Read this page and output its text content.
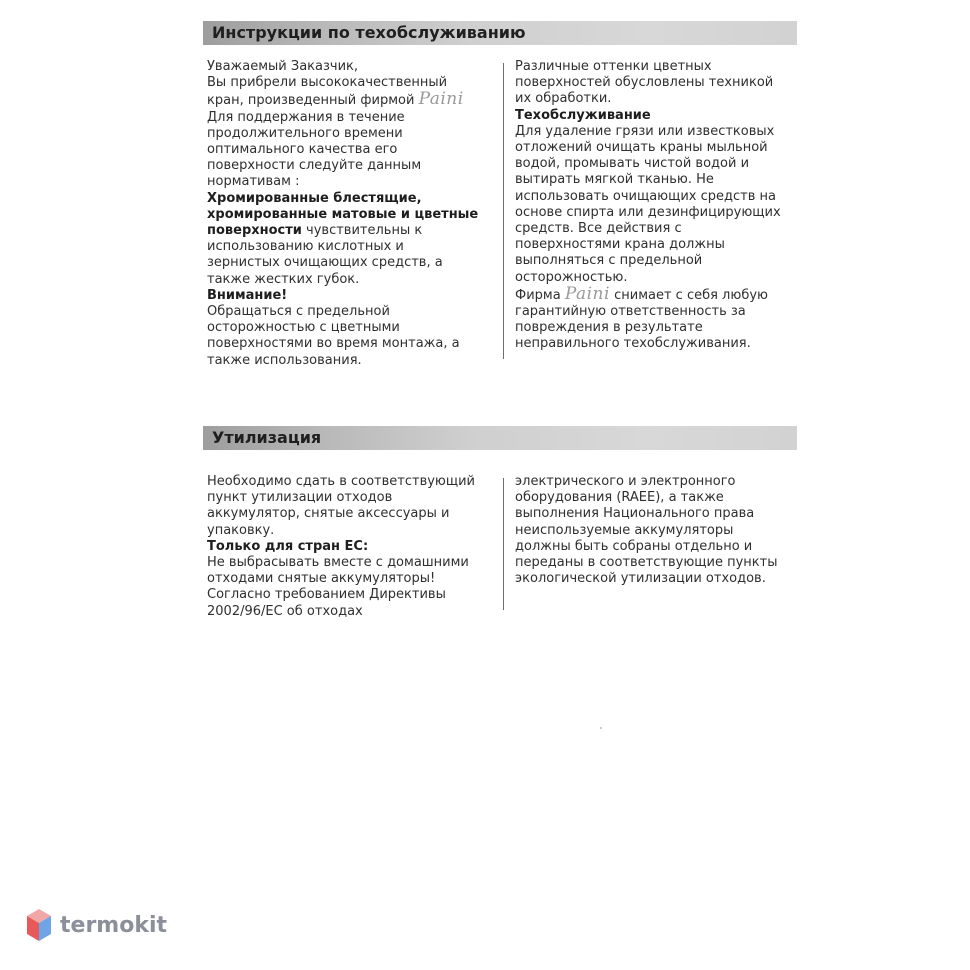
Инструкции по техобслуживанию

Уважаемый Заказчик,

Вы прибрели высококачественный

кран, произведенный фирмой Paini

Для поддержания в течение

продолжительного времени

оптимального качества его

поверхности следуйте данным

нормативам :

Хромированные блестящие,

хромированные матовые и цветные

поверхности чувствительны к

использованию кислотных и

зернистых очищающих средств, а

также жестких губок.

Внимание!

Обращаться с предельной

осторожностью с цветными

поверхностями во время монтажа, а

также использования.

Различные оттенки цветных

поверхностей обусловлены техникой

их обработки.

Техобслуживание

Для удаление грязи или известковых

отложений очищать краны мыльной

водой, промывать чистой водой и

вытирать мягкой тканью. Не

использовать очищающих средств на

основе спирта или дезинфицирующих

средств. Все действия с

поверхностями крана должны

выполняться с предельной

осторожностью.

Фирма Paini снимает с себя любую

гарантийную ответственность за

повреждения в результате

неправильного техобслуживания.

Утилизация

Необходимо сдать в соответствующий

пункт утилизации отходов

аккумулятор, снятые аксессуары и

упаковку.

Только для стран ЕС:

Не выбрасывать вместе с домашними

отходами снятые аккумуляторы!

Согласно требованием Директивы

2002/96/ЕС об отходах

электрического и электронного

оборудования (RAEE), а также

выполнения Национального права

неиспользуемые аккумуляторы

должны быть собраны отдельно и

переданы в соответствующие пункты

экологической утилизации отходов.

termokit
